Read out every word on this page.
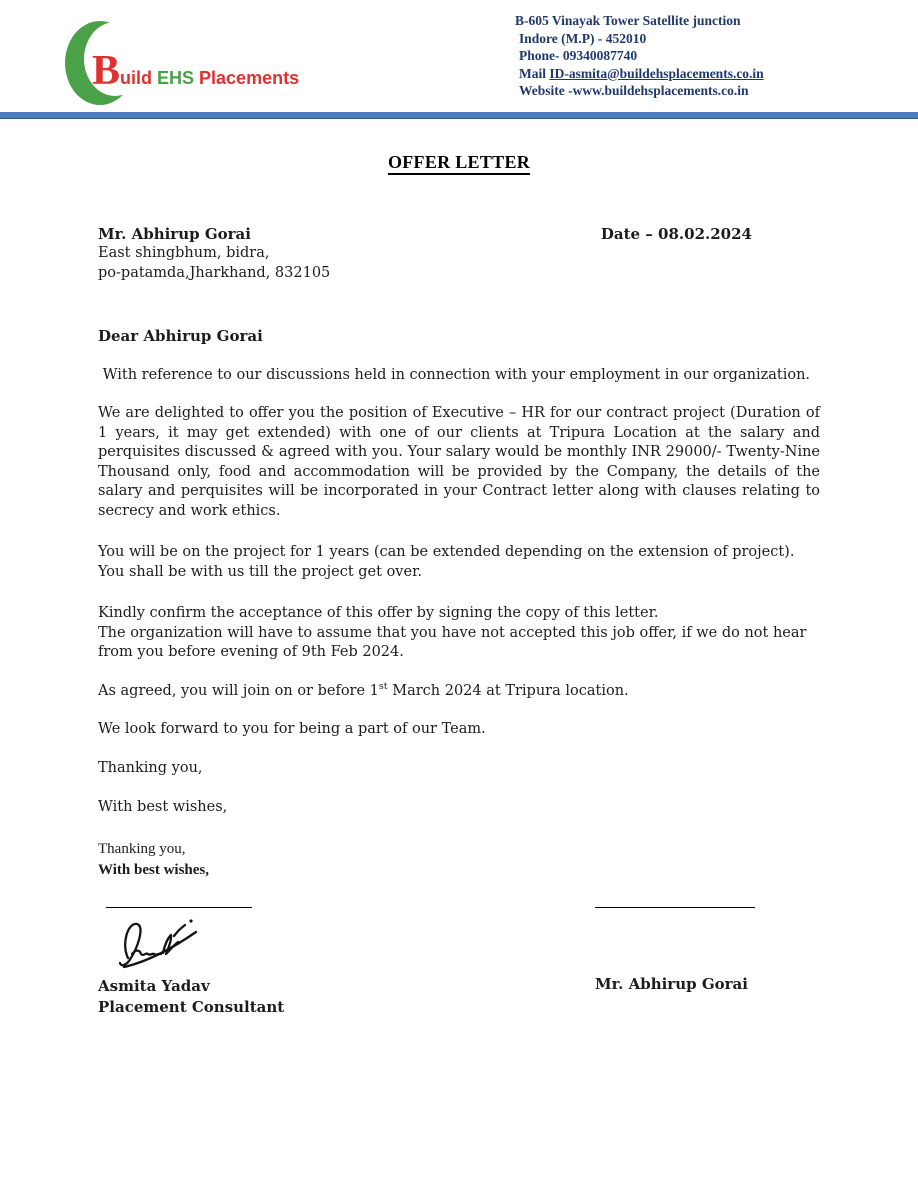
B uild EHS Placements
B-605 Vinayak Tower Satellite junction
Indore (M.P) - 452010
Phone- 09340087740
Mail ID-asmita@buildehsplacements.co.in
Website -www.buildehsplacements.co.in
OFFER LETTER
Mr. Abhirup Gorai	Date – 08.02.2024
East shingbhum, bidra,
po-patamda,Jharkhand, 832105
Dear Abhirup Gorai

With reference to our discussions held in connection with your employment in our organization.

We are delighted to offer you the position of Executive – HR for our contract project (Duration of 1 years, it may get extended) with one of our clients at Tripura Location at the salary and perquisites discussed & agreed with you. Your salary would be monthly INR 29000/- Twenty-Nine Thousand only, food and accommodation will be provided by the Company, the details of the salary and perquisites will be incorporated in your Contract letter along with clauses relating to secrecy and work ethics.

You will be on the project for 1 years (can be extended depending on the extension of project).
You shall be with us till the project get over.
Kindly confirm the acceptance of this offer by signing the copy of this letter.
The organization will have to assume that you have not accepted this job offer, if we do not hear from you before evening of 9th Feb 2024.

As agreed, you will join on or before 1st March 2024 at Tripura location.

We look forward to you for being a part of our Team.

Thanking you,

With best wishes,

Thanking you,

With best wishes,

Asmita Yadav
Placement Consultant
Mr. Abhirup Gorai
